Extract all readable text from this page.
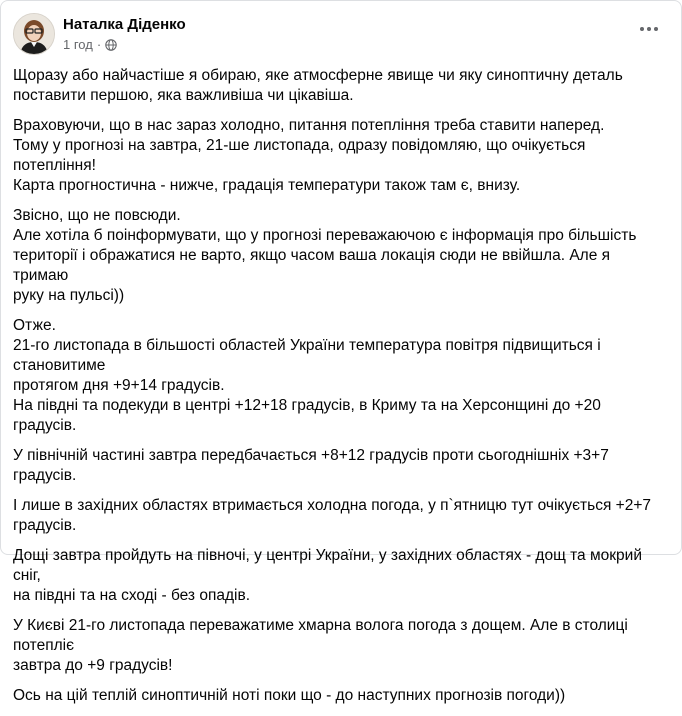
Наталка Діденко
1 год ·

Щоразу або найчастіше я обираю, яке атмосферне явище чи яку синоптичну деталь
поставити першою, яка важливіша чи цікавіша.

Враховуючи, що в нас зараз холодно, питання потепління треба ставити наперед.
Тому у прогнозі на завтра, 21-ше листопада, одразу повідомляю, що очікується потепління!
Карта прогностична - нижче, градація температури також там є, внизу.

Звісно, що не повсюди.
Але хотіла б поінформувати, що у прогнозі переважаючою є інформація про більшість
території і ображатися не варто, якщо часом ваша локація сюди не ввійшла. Але я тримаю
руку на пульсі))

Отже.
21-го листопада в більшості областей України температура повітря підвищиться і становитиме
протягом дня +9+14 градусів.
На півдні та подекуди в центрі +12+18 градусів, в Криму та на Херсонщині до +20 градусів.

У північній частині завтра передбачається +8+12 градусів проти сьогоднішніх +3+7 градусів.

І лише в західних областях втримається холодна погода, у п`ятницю тут очікується +2+7
градусів.

Дощі завтра пройдуть на півночі, у центрі України, у західних областях - дощ та мокрий сніг,
на півдні та на сході - без опадів.

У Києві 21-го листопада переважатиме хмарна волога погода з дощем. Але в столиці потепліє
завтра до +9 градусів!

Ось на цій теплій синоптичній ноті поки що - до наступних прогнозів погоди))
